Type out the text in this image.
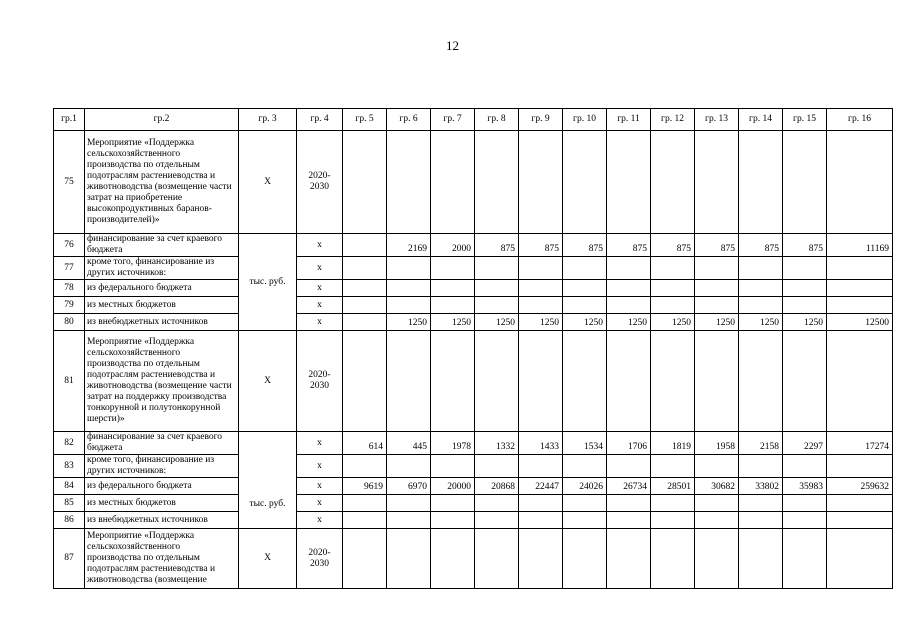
12
гр.1	гр.2	гр. 3	гр. 4	гр. 5	гр. 6	гр. 7	гр. 8	гр. 9	гр. 10	гр. 11	гр. 12	гр. 13	гр. 14	гр. 15	гр. 16
75	Мероприятие «Поддержка сельскохозяйственного производства по отдельным подотраслям растениеводства и животноводства (возмещение части затрат на приобретение высокопродуктивных баранов-производителей)»	Х	2020-2030												
76	финансирование за счет краевого бюджета	тыс. руб.	х		2169	2000	875	875	875	875	875	875	875	875	11169
77	кроме того, финансирование из других источников:		х												
78	из федерального бюджета		х												
79	из местных бюджетов		х												
80	из внебюджетных источников		х		1250	1250	1250	1250	1250	1250	1250	1250	1250	1250	12500
81	Мероприятие «Поддержка сельскохозяйственного производства по отдельным подотраслям растениеводства и животноводства (возмещение части затрат на поддержку производства тонкорунной и полутонкорунной шерсти)»	Х	2020-2030												
82	финансирование за счет краевого бюджета	тыс. руб.	х	614	445	1978	1332	1433	1534	1706	1819	1958	2158	2297	17274
83	кроме того, финансирование из других источников:		х												
84	из федерального бюджета		х	9619	6970	20000	20868	22447	24026	26734	28501	30682	33802	35983	259632
85	из местных бюджетов		х												
86	из внебюджетных источников		х												
87	Мероприятие «Поддержка сельскохозяйственного производства по отдельным подотраслям растениеводства и животноводства (возмещение	Х	2020-2030												
